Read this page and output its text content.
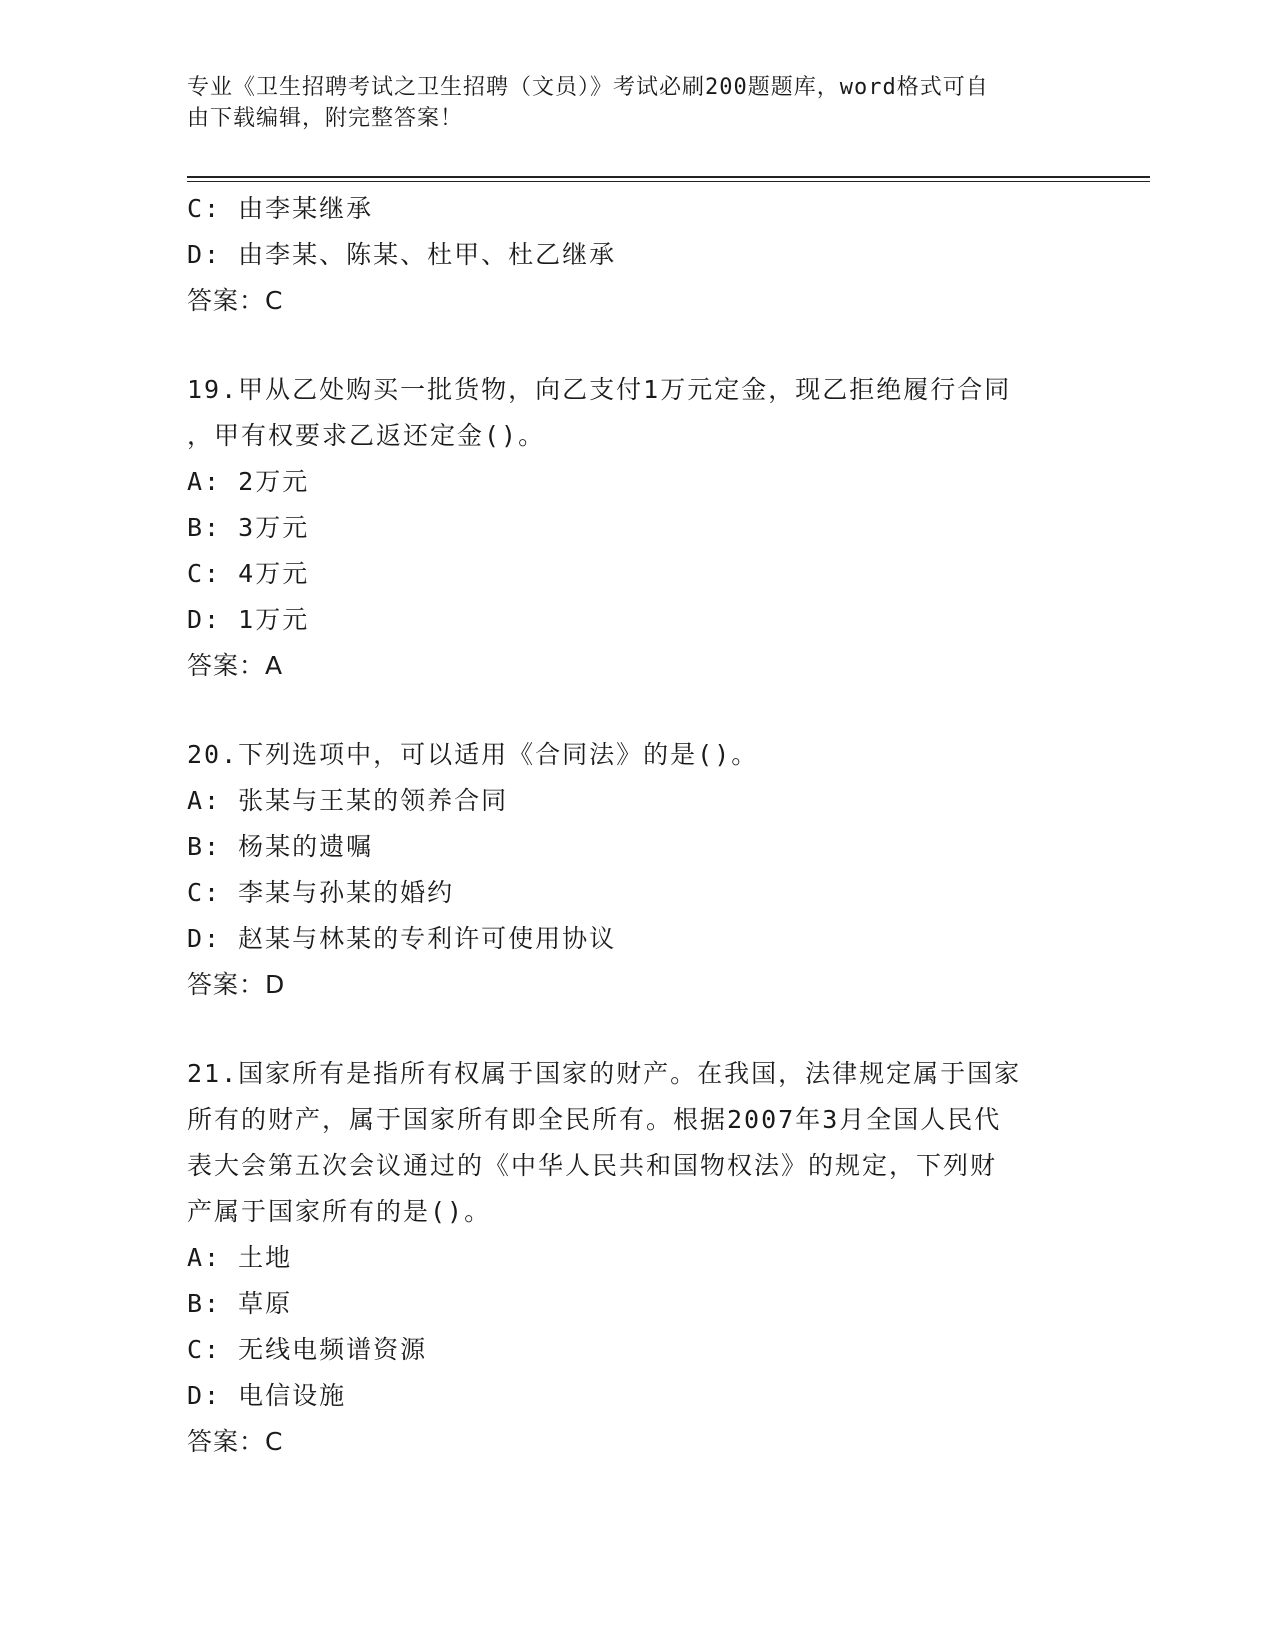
专业《卫生招聘考试之卫生招聘（文员）》考试必刷200题题库，word格式可自
由下载编辑，附完整答案！
C: 由李某继承
D: 由李某、陈某、杜甲、杜乙继承
答案：C
19.甲从乙处购买一批货物，向乙支付1万元定金，现乙拒绝履行合同
，甲有权要求乙返还定金()。
A: 2万元
B: 3万元
C: 4万元
D: 1万元
答案：A
20.下列选项中，可以适用《合同法》的是()。
A: 张某与王某的领养合同
B: 杨某的遗嘱
C: 李某与孙某的婚约
D: 赵某与林某的专利许可使用协议
答案：D
21.国家所有是指所有权属于国家的财产。在我国，法律规定属于国家
所有的财产，属于国家所有即全民所有。根据2007年3月全国人民代
表大会第五次会议通过的《中华人民共和国物权法》的规定，下列财
产属于国家所有的是()。
A: 土地
B: 草原
C: 无线电频谱资源
D: 电信设施
答案：C
